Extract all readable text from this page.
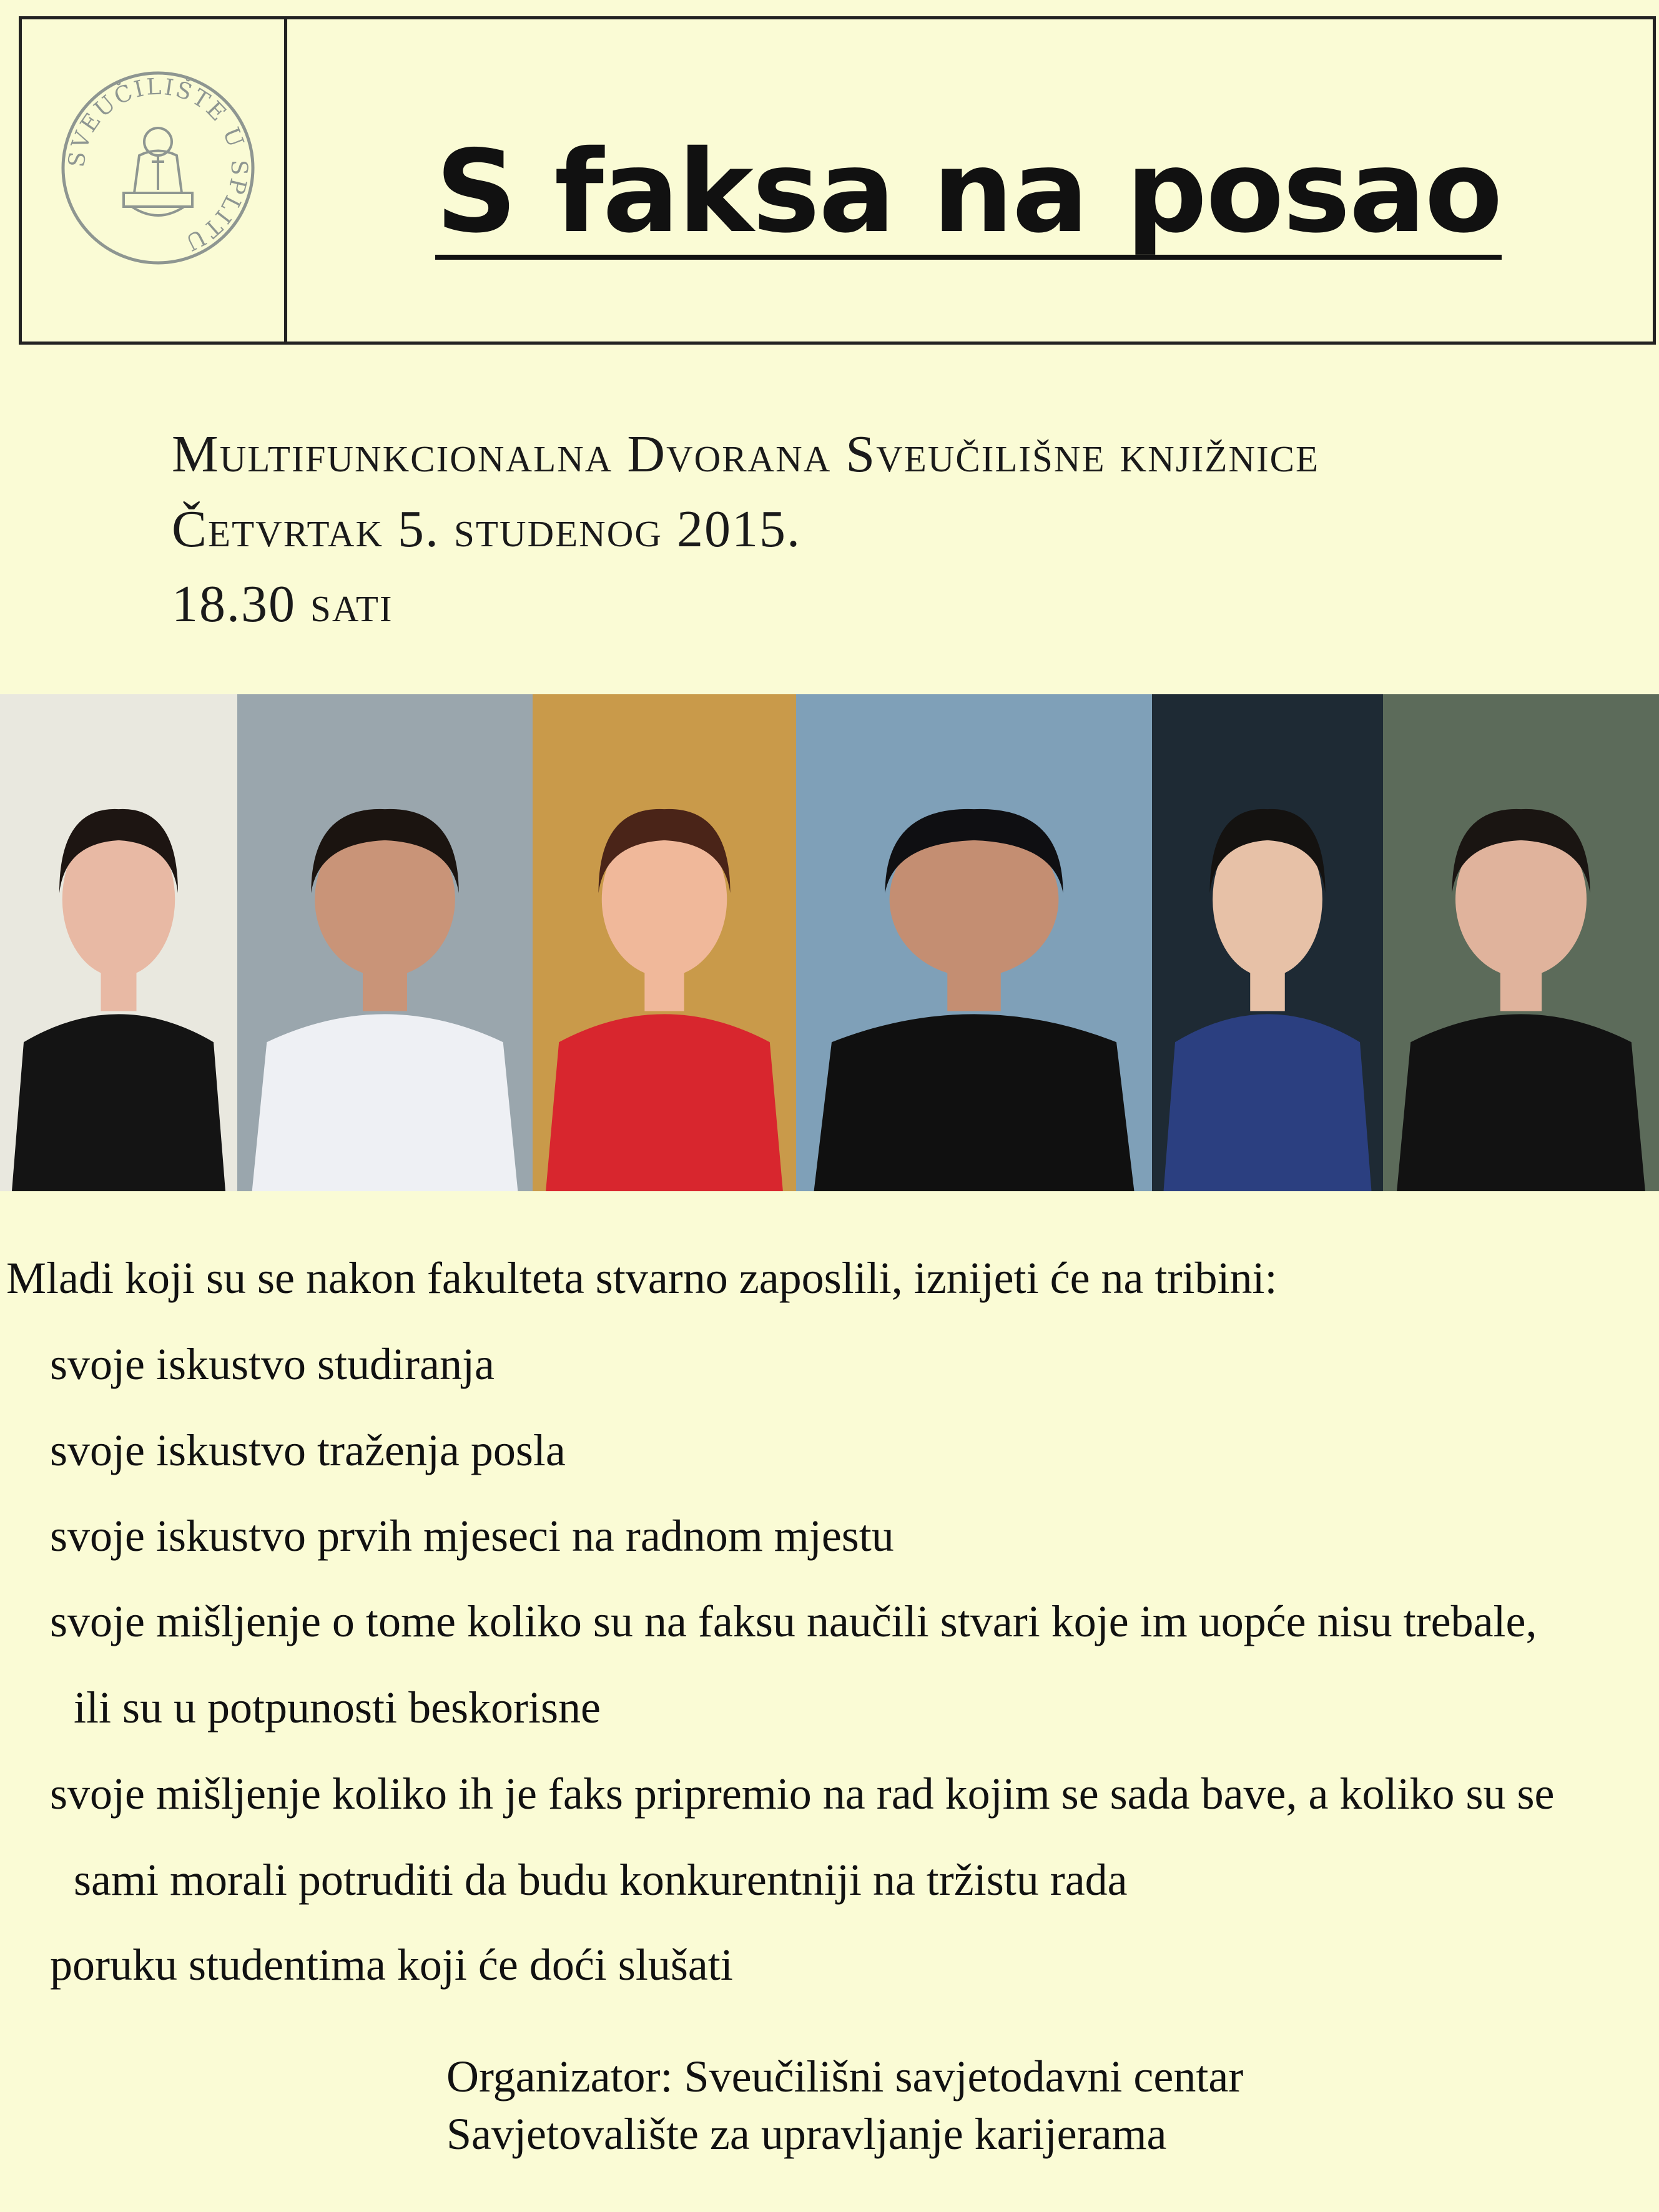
SVEUČILIŠTE U SPLITU	S faksa na posao
Multifunkcionalna Dvorana Sveučilišne knjižnice
Četvrtak 5. studenog 2015.
18.30 sati
Mladi koji su se nakon fakulteta stvarno zaposlili, iznijeti će na tribini:
svoje iskustvo studiranja
svoje iskustvo traženja posla
svoje iskustvo prvih mjeseci na radnom mjestu
svoje mišljenje o tome koliko su na faksu naučili stvari koje im uopće nisu trebale,
ili su u potpunosti beskorisne
svoje mišljenje koliko ih je faks pripremio na rad kojim se sada bave, a koliko su se
sami morali potruditi da budu konkurentniji na tržistu rada
poruku studentima koji će doći slušati
Organizator: Sveučilišni savjetodavni centar
Savjetovalište za upravljanje karijerama
